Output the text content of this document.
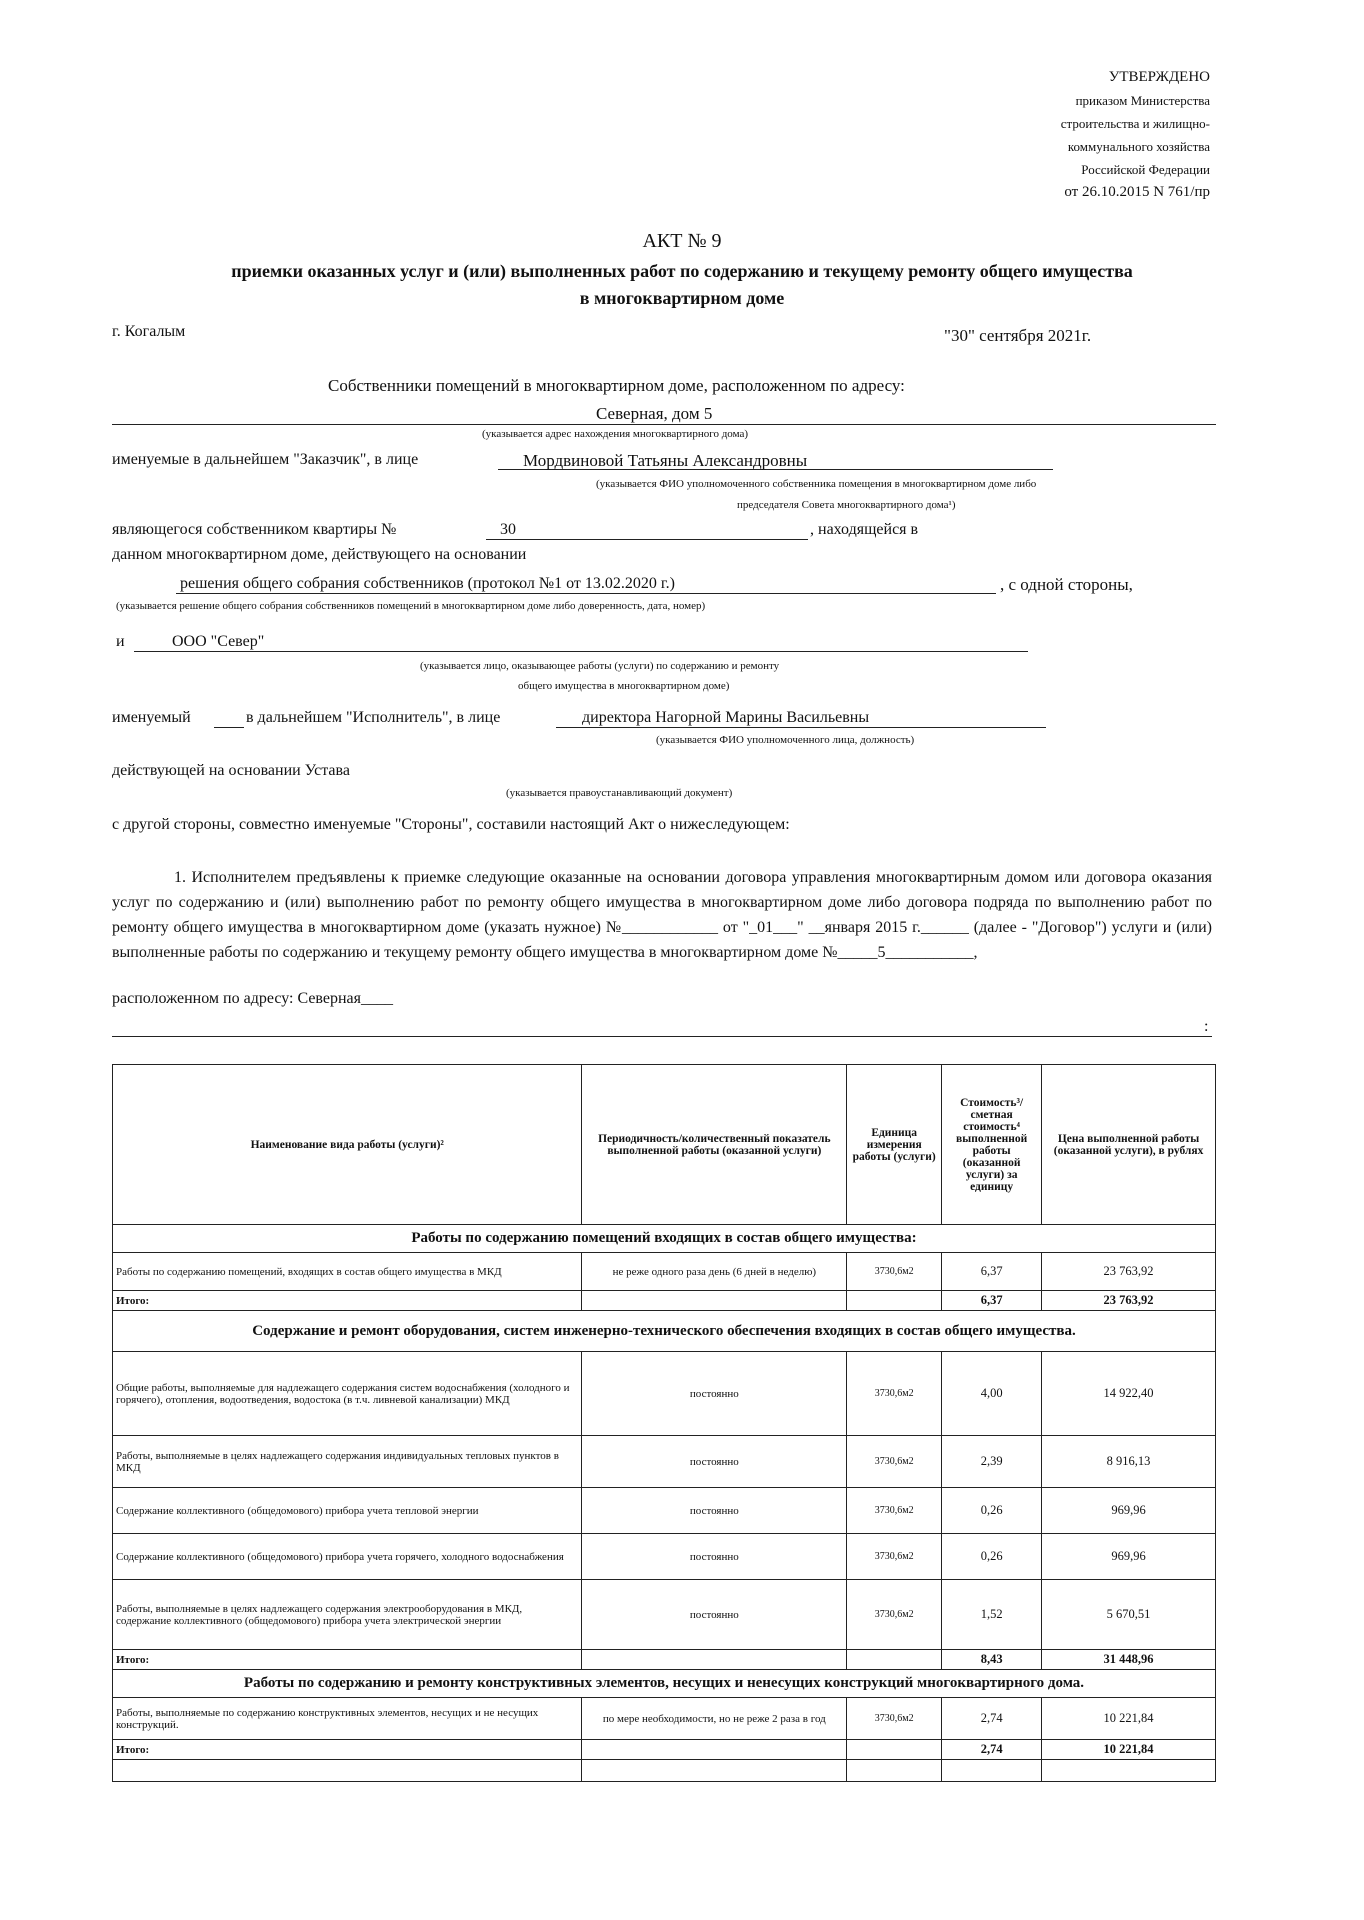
УТВЕРЖДЕНО
приказом Министерства
строительства и жилищно-
коммунального хозяйства
Российской Федерации
от 26.10.2015 N 761/пр
АКТ № 9
приемки оказанных услуг и (или) выполненных работ по содержанию и текущему ремонту общего имущества
в многоквартирном доме
г. Когалым	"30" сентября 2021г.
Собственники помещений в многоквартирном доме, расположенном по адресу:
Северная, дом 5
(указывается адрес нахождения многоквартирного дома)
именуемые в дальнейшем "Заказчик", в лице	Мордвиновой Татьяны Александровны
(указывается ФИО уполномоченного собственника помещения в многоквартирном доме либо
председателя Совета многоквартирного дома¹)
являющегося собственником квартиры №	30	, находящейся в
данном многоквартирном доме, действующего на основании
решения общего собрания собственников (протокол №1 от 13.02.2020 г.)	, с одной стороны,
(указывается решение общего собрания собственников помещений в многоквартирном доме либо доверенность, дата, номер)
и	ООО "Север"
(указывается лицо, оказывающее работы (услуги) по содержанию и ремонту
общего имущества в многоквартирном доме)
именуемый	в дальнейшем "Исполнитель", в лице	директора Нагорной Марины Васильевны
(указывается ФИО уполномоченного лица, должность)
действующей на основании Устава
(указывается правоустанавливающий документ)
с другой стороны, совместно именуемые "Стороны", составили настоящий Акт о нижеследующем:
1. Исполнителем предъявлены к приемке следующие оказанные на основании договора управления многоквартирным домом или договора оказания услуг по содержанию и (или) выполнению работ по ремонту общего имущества в многоквартирном доме либо договора подряда по выполнению работ по ремонту общего имущества в многоквартирном доме (указать нужное) №____________ от "_01___" __января 2015 г.______ (далее - "Договор") услуги и (или) выполненные работы по содержанию и текущему ремонту общего имущества в многоквартирном доме №_____5___________,
расположенном по адресу: Северная____
:
Наименование вида работы (услуги)²	Периодичность/количественный показатель выполненной работы (оказанной услуги)	Единица измерения работы (услуги)	Стоимость³/сметная стоимость⁴ выполненной работы (оказанной услуги) за единицу	Цена выполненной работы (оказанной услуги), в рублях
Работы по содержанию помещений входящих в состав общего имущества:				
Работы по содержанию помещений, входящих в состав общего имущества в МКД	не реже одного раза день (6 дней в неделю)	3730,6м2	6,37	23 763,92
Итого:			6,37	23 763,92
Содержание и ремонт оборудования, систем инженерно-технического обеспечения входящих в состав общего имущества.				
Общие работы, выполняемые для надлежащего содержания систем водоснабжения (холодного и горячего), отопления, водоотведения, водостока (в т.ч. ливневой канализации) МКД	постоянно	3730,6м2	4,00	14 922,40
Работы, выполняемые в целях надлежащего содержания индивидуальных тепловых пунктов в МКД	постоянно	3730,6м2	2,39	8 916,13
Содержание коллективного (общедомового) прибора учета тепловой энергии	постоянно	3730,6м2	0,26	969,96
Содержание коллективного (общедомового) прибора учета горячего, холодного водоснабжения	постоянно	3730,6м2	0,26	969,96
Работы, выполняемые в целях надлежащего содержания электрооборудования в МКД, содержание коллективного (общедомового) прибора учета электрической энергии	постоянно	3730,6м2	1,52	5 670,51
Итого:			8,43	31 448,96
Работы по содержанию и ремонту конструктивных элементов, несущих и ненесущих конструкций многоквартирного дома.				
Работы, выполняемые по содержанию конструктивных элементов, несущих и не несущих конструкций.	по мере необходимости, но не реже 2 раза в год	3730,6м2	2,74	10 221,84
Итого:			2,74	10 221,84
